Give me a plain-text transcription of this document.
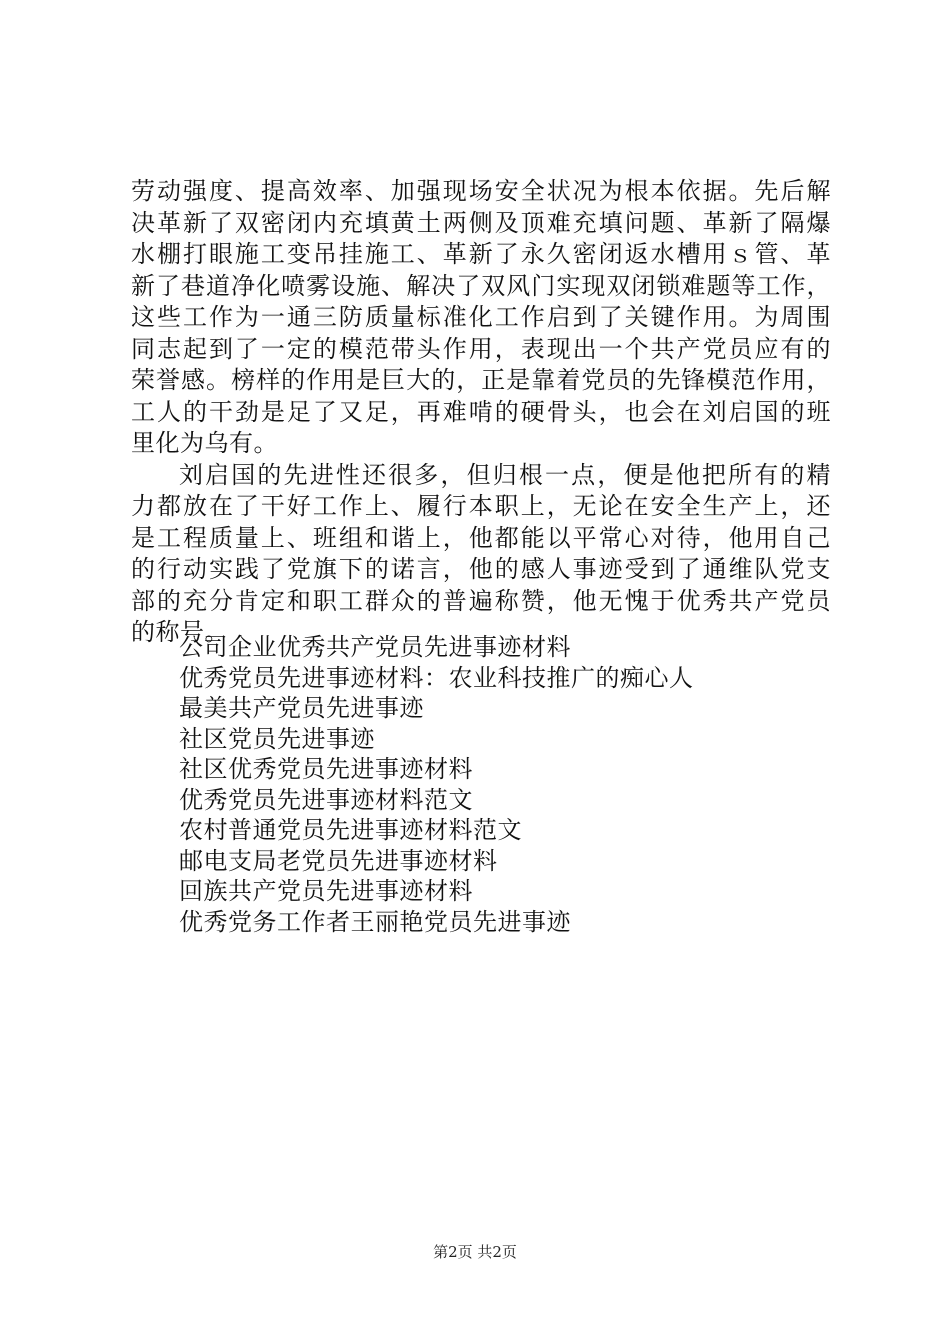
劳动强度、提高效率、加强现场安全状况为根本依据。先后解
决革新了双密闭内充填黄土两侧及顶难充填问题、革新了隔爆
水棚打眼施工变吊挂施工、革新了永久密闭返水槽用ｓ管、革
新了巷道净化喷雾设施、解决了双风门实现双闭锁难题等工作，
这些工作为一通三防质量标准化工作启到了关键作用。为周围
同志起到了一定的模范带头作用，表现出一个共产党员应有的
荣誉感。榜样的作用是巨大的，正是靠着党员的先锋模范作用，
工人的干劲是足了又足，再难啃的硬骨头，也会在刘启国的班
里化为乌有。
刘启国的先进性还很多，但归根一点，便是他把所有的精
力都放在了干好工作上、履行本职上，无论在安全生产上，还
是工程质量上、班组和谐上，他都能以平常心对待，他用自己
的行动实践了党旗下的诺言，他的感人事迹受到了通维队党支
部的充分肯定和职工群众的普遍称赞，他无愧于优秀共产党员
的称号。
公司企业优秀共产党员先进事迹材料
优秀党员先进事迹材料：农业科技推广的痴心人
最美共产党员先进事迹
社区党员先进事迹
社区优秀党员先进事迹材料
优秀党员先进事迹材料范文
农村普通党员先进事迹材料范文
邮电支局老党员先进事迹材料
回族共产党员先进事迹材料
优秀党务工作者王丽艳党员先进事迹
第2页 共2页
